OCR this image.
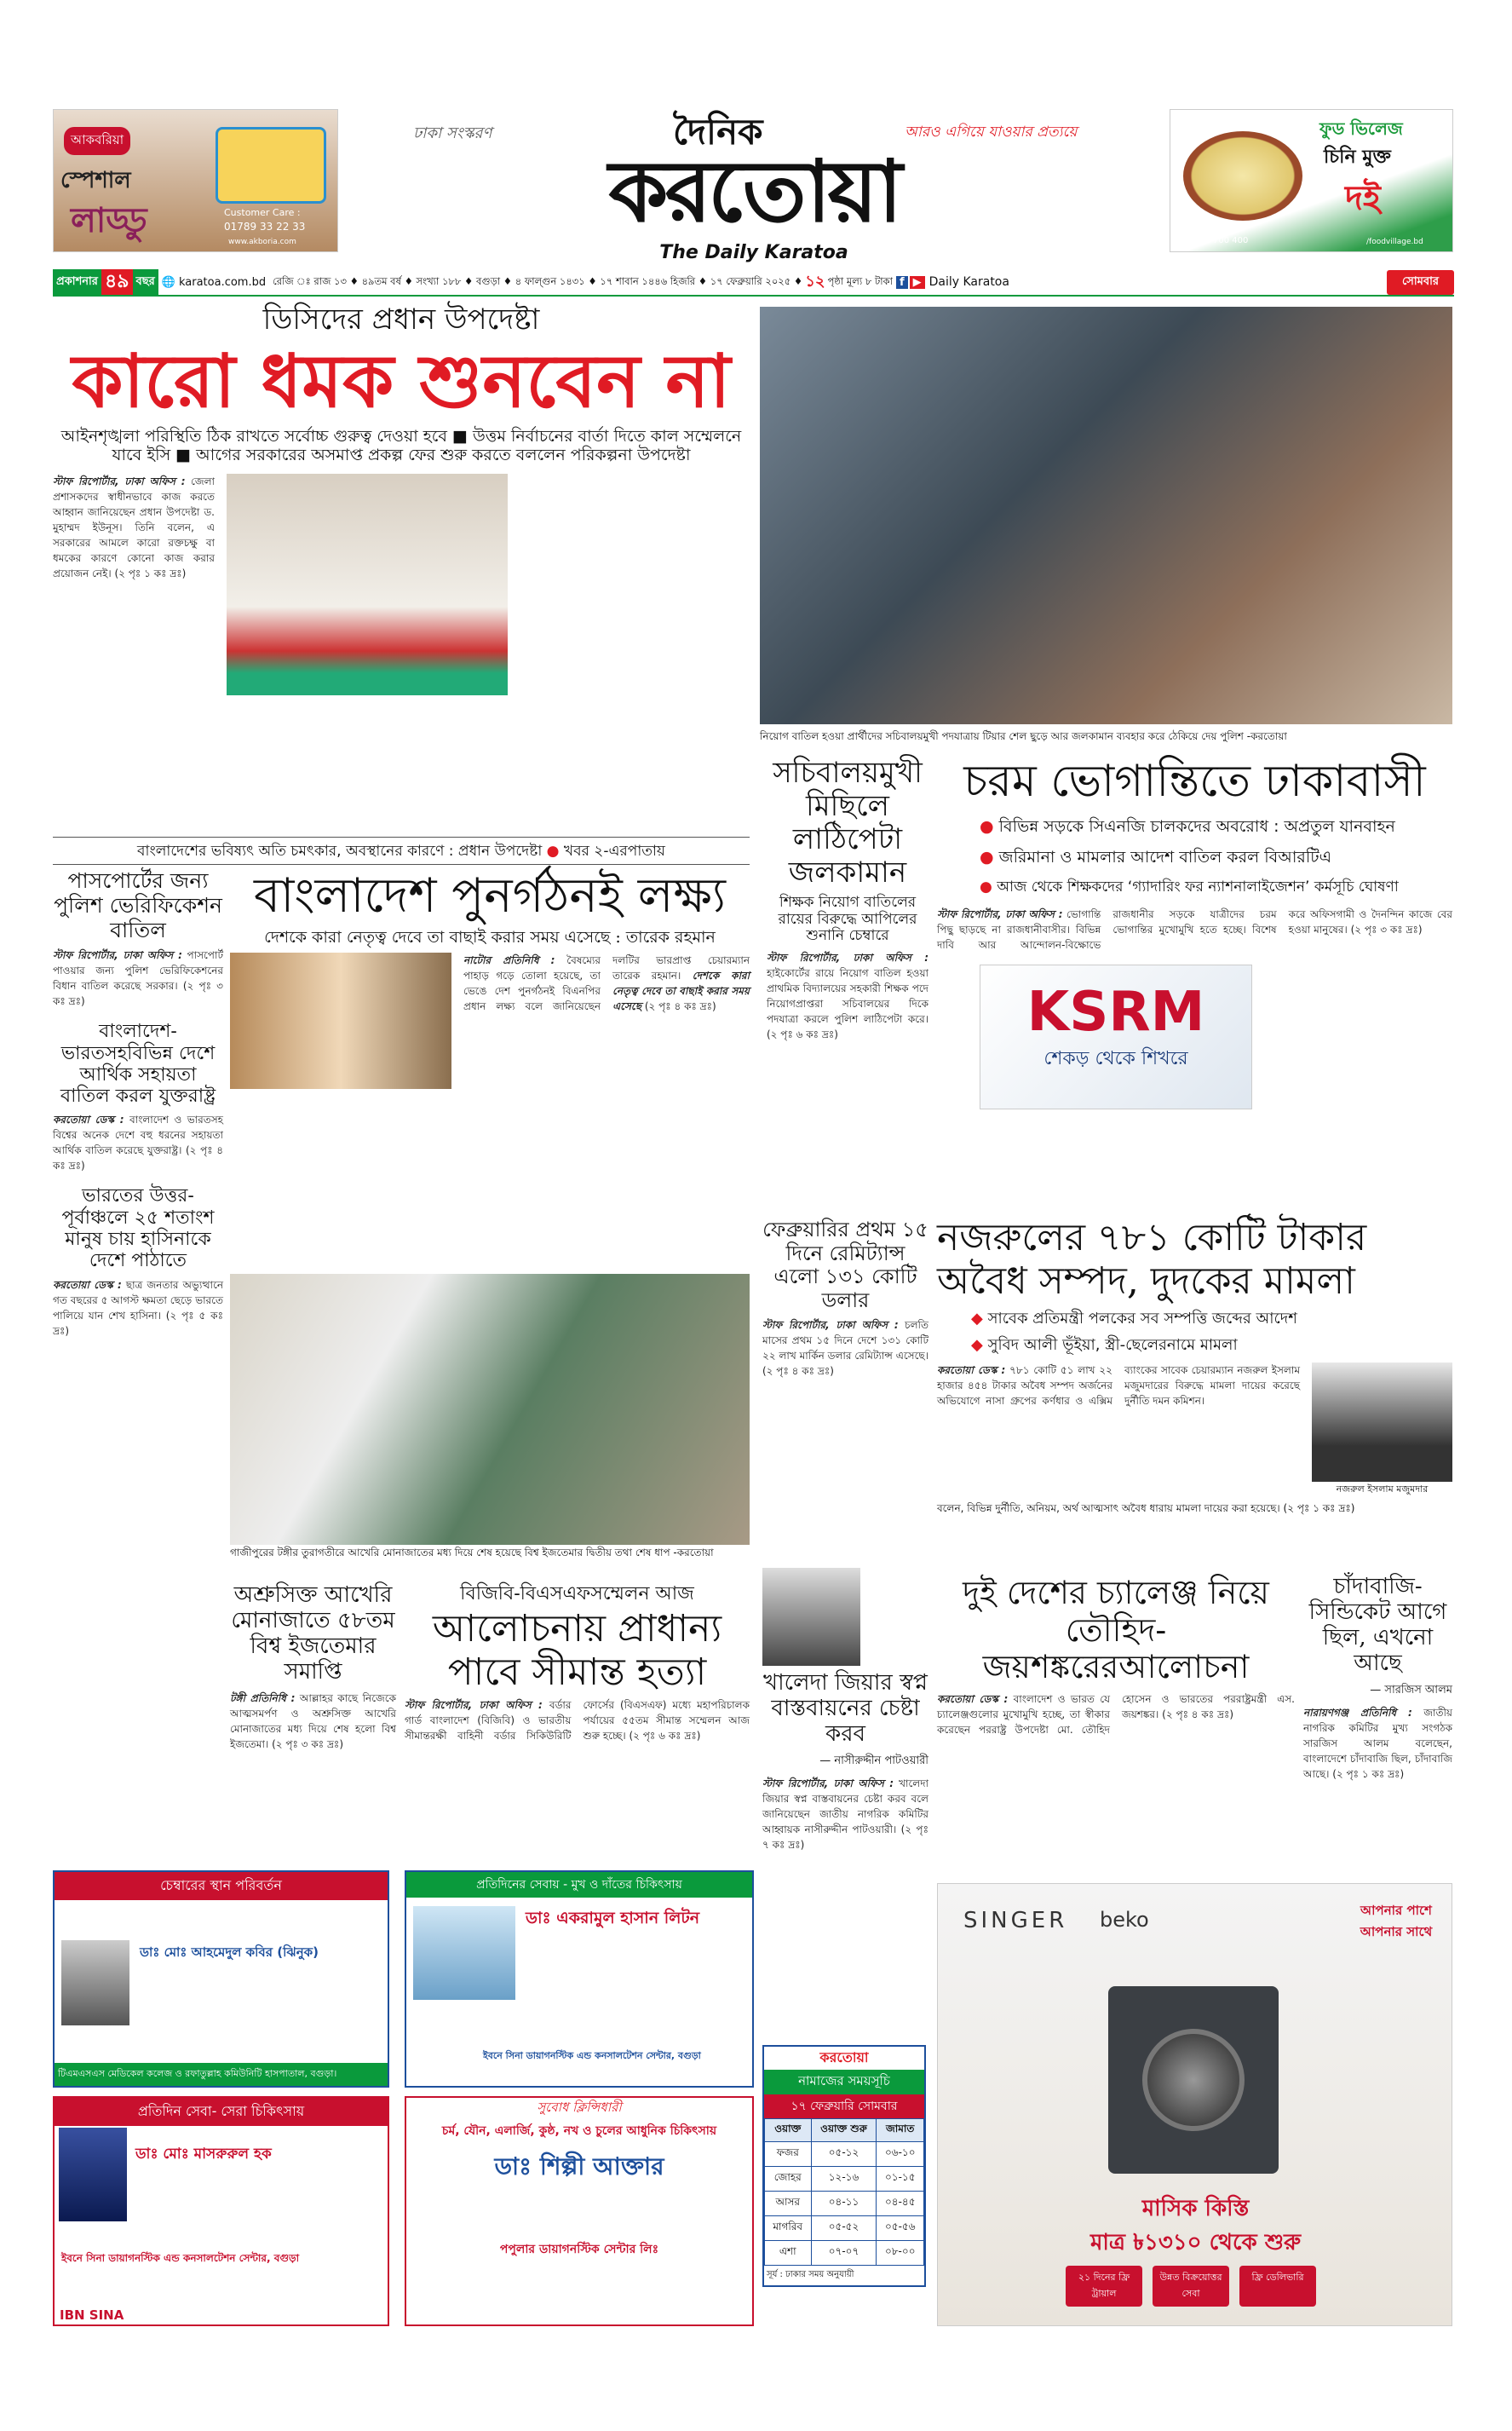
আকবরিয়া
স্পেশাল
লাড্ডু	Customer Care :
01789 33 22 33
www.akboria.com
ঢাকা সংস্করণ	দৈনিক	আরও এগিয়ে যাওয়ার প্রত্যয়ে
করতোয়া
The Daily Karatoa
ফুড ভিলেজ
চিনি মুক্ত
দই
Customer Care
01770 700 400	/foodvillage.bd
প্রকাশনার ৪৯ বছর 🌐 karatoa.com.bd রেজি ঃ রাজ ১৩ ♦ ৪৯তম বর্ষ ♦ সংখ্যা ১৮৮ ♦ বগুড়া ♦ ৪ ফাল্গুন ১৪৩১ ♦ ১৭ শাবান ১৪৪৬ হিজরি ♦ ১৭ ফেব্রুয়ারি ২০২৫ ♦ ১২ পৃষ্ঠা মূল্য ৮ টাকা f ▶ Daily Karatoa	সোমবার
ডিসিদের প্রধান উপদেষ্টা
কারো ধমক শুনবেন না
আইনশৃঙ্খলা পরিস্থিতি ঠিক রাখতে সর্বোচ্চ গুরুত্ব দেওয়া হবে ■ উত্তম নির্বাচনের বার্তা দিতে কাল সম্মেলনে যাবে ইসি ■ আগের সরকারের অসমাপ্ত প্রকল্প ফের শুরু করতে বললেন পরিকল্পনা উপদেষ্টা
স্টাফ রিপোর্টার, ঢাকা অফিস : জেলা প্রশাসকদের স্বাধীনভাবে কাজ করতে আহ্বান জানিয়েছেন প্রধান উপদেষ্টা ড. মুহাম্মদ ইউনূস। তিনি বলেন, এ সরকারের আমলে কারো রক্তচক্ষু বা ধমকের কারণে কোনো কাজ করার প্রয়োজন নেই। (২ পৃঃ ১ কঃ দ্রঃ)
নিয়োগ বাতিল হওয়া প্রার্থীদের সচিবালয়মুখী পদযাত্রায় টিয়ার শেল ছুড়ে আর জলকামান ব্যবহার করে ঠেকিয়ে দেয় পুলিশ -করতোয়া
বাংলাদেশের ভবিষ্যৎ অতি চমৎকার, অবস্থানের কারণে : প্রধান উপদেষ্টা ● খবর ২-এরপাতায়
সচিবালয়মুখী মিছিলে লাঠিপেটা জলকামান
শিক্ষক নিয়োগ বাতিলের রায়ের বিরুদ্ধে আপিলের শুনানি চেম্বারে
স্টাফ রিপোর্টার, ঢাকা অফিস : হাইকোর্টের রায়ে নিয়োগ বাতিল হওয়া প্রাথমিক বিদ্যালয়ের সহকারী শিক্ষক পদে নিয়োগপ্রাপ্তরা সচিবালয়ের দিকে পদযাত্রা করলে পুলিশ লাঠিপেটা করে। (২ পৃঃ ৬ কঃ দ্রঃ)
চরম ভোগান্তিতে ঢাকাবাসী
● বিভিন্ন সড়কে সিএনজি চালকদের অবরোধ : অপ্রতুল যানবাহন
● জরিমানা ও মামলার আদেশ বাতিল করল বিআরটিএ
● আজ থেকে শিক্ষকদের ‘গ্যাদারিং ফর ন্যাশনালাইজেশন’ কর্মসূচি ঘোষণা
স্টাফ রিপোর্টার, ঢাকা অফিস : ভোগান্তি পিছু ছাড়ছে না রাজধানীবাসীর। বিভিন্ন দাবি আর আন্দোলন-বিক্ষোভে রাজধানীর সড়কে যাত্রীদের চরম ভোগান্তির মুখোমুখি হতে হচ্ছে। বিশেষ করে অফিসগামী ও দৈনন্দিন কাজে বের হওয়া মানুষের। (২ পৃঃ ৩ কঃ দ্রঃ)
KSRM
শেকড় থেকে শিখরে
পাসপোর্টের জন্য পুলিশ ভেরিফিকেশন বাতিল
স্টাফ রিপোর্টার, ঢাকা অফিস : পাসপোর্ট পাওয়ার জন্য পুলিশ ভেরিফিকেশনের বিধান বাতিল করেছে সরকার। (২ পৃঃ ৩ কঃ দ্রঃ)
বাংলাদেশ-ভারতসহবিভিন্ন দেশে আর্থিক সহায়তা বাতিল করল যুক্তরাষ্ট্র
করতোয়া ডেস্ক : বাংলাদেশ ও ভারতসহ বিশ্বের অনেক দেশে বহু ধরনের সহায়তা আর্থিক বাতিল করেছে যুক্তরাষ্ট্র। (২ পৃঃ ৪ কঃ দ্রঃ)
ভারতের উত্তর-পূর্বাঞ্চলে ২৫ শতাংশ মানুষ চায় হাসিনাকে দেশে পাঠাতে
করতোয়া ডেস্ক : ছাত্র জনতার অভ্যুত্থানে গত বছরের ৫ আগস্ট ক্ষমতা ছেড়ে ভারতে পালিয়ে যান শেখ হাসিনা। (২ পৃঃ ৫ কঃ দ্রঃ)
বাংলাদেশ পুনর্গঠনই লক্ষ্য
দেশকে কারা নেতৃত্ব দেবে তা বাছাই করার সময় এসেছে : তারেক রহমান
নাটোর প্রতিনিধি : বৈষম্যের পাহাড় গড়ে তোলা হয়েছে, তা ভেঙে দেশ পুনর্গঠনই বিএনপির প্রধান লক্ষ্য বলে জানিয়েছেন দলটির ভারপ্রাপ্ত চেয়ারম্যান তারেক রহমান। দেশকে কারা নেতৃত্ব দেবে তা বাছাই করার সময় এসেছে (২ পৃঃ ৪ কঃ দ্রঃ)
গাজীপুরের টঙ্গীর তুরাগতীরে আখেরি মোনাজাতের মধ্য দিয়ে শেষ হয়েছে বিশ্ব ইজতেমার দ্বিতীয় তথা শেষ ধাপ -করতোয়া
ফেব্রুয়ারির প্রথম ১৫ দিনে রেমিট্যান্স এলো ১৩১ কোটি ডলার
স্টাফ রিপোর্টার, ঢাকা অফিস : চলতি মাসের প্রথম ১৫ দিনে দেশে ১৩১ কোটি ২২ লাখ মার্কিন ডলার রেমিট্যান্স এসেছে। (২ পৃঃ ৪ কঃ দ্রঃ)
নজরুলের ৭৮১ কোটি টাকার অবৈধ সম্পদ, দুদকের মামলা
◆ সাবেক প্রতিমন্ত্রী পলকের সব সম্পত্তি জব্দের আদেশ
◆ সুবিদ আলী ভূঁইয়া, স্ত্রী-ছেলেরনামে মামলা
করতোয়া ডেস্ক : ৭৮১ কোটি ৫১ লাখ ২২ হাজার ৪৫৪ টাকার অবৈধ সম্পদ অর্জনের অভিযোগে নাসা গ্রুপের কর্ণধার ও এক্সিম ব্যাংকের সাবেক চেয়ারম্যান নজরুল ইসলাম মজুমদারের বিরুদ্ধে মামলা দায়ের করেছে দুর্নীতি দমন কমিশন।
নজরুল ইসলাম মজুমদার
বলেন, বিভিন্ন দুর্নীতি, অনিয়ম, অর্থ আত্মসাৎ অবৈধ ধারায় মামলা দায়ের করা হয়েছে। (২ পৃঃ ১ কঃ দ্রঃ)
অশ্রুসিক্ত আখেরি মোনাজাতে ৫৮তম বিশ্ব ইজতেমার সমাপ্তি
টঙ্গী প্রতিনিধি : আল্লাহর কাছে নিজেকে আত্মসমর্পণ ও অশ্রুসিক্ত আখেরি মোনাজাতের মধ্য দিয়ে শেষ হলো বিশ্ব ইজতেমা। (২ পৃঃ ৩ কঃ দ্রঃ)
বিজিবি-বিএসএফসম্মেলন আজ
আলোচনায় প্রাধান্য পাবে সীমান্ত হত্যা
স্টাফ রিপোর্টার, ঢাকা অফিস : বর্ডার গার্ড বাংলাদেশ (বিজিবি) ও ভারতীয় সীমান্তরক্ষী বাহিনী বর্ডার সিকিউরিটি ফোর্সের (বিএসএফ) মধ্যে মহাপরিচালক পর্যায়ের ৫৫তম সীমান্ত সম্মেলন আজ শুরু হচ্ছে। (২ পৃঃ ৬ কঃ দ্রঃ)
খালেদা জিয়ার স্বপ্ন বাস্তবায়নের চেষ্টা করব
— নাসীরুদ্দীন পাটওয়ারী
স্টাফ রিপোর্টার, ঢাকা অফিস : খালেদা জিয়ার স্বপ্ন বাস্তবায়নের চেষ্টা করব বলে জানিয়েছেন জাতীয় নাগরিক কমিটির আহ্বায়ক নাসীরুদ্দীন পাটওয়ারী। (২ পৃঃ ৭ কঃ দ্রঃ)
দুই দেশের চ্যালেঞ্জ নিয়ে তৌহিদ-জয়শঙ্করেরআলোচনা
করতোয়া ডেস্ক : বাংলাদেশ ও ভারত যে চ্যালেঞ্জগুলোর মুখোমুখি হচ্ছে, তা স্বীকার করেছেন পররাষ্ট্র উপদেষ্টা মো. তৌহিদ হোসেন ও ভারতের পররাষ্ট্রমন্ত্রী এস. জয়শঙ্কর। (২ পৃঃ ৪ কঃ দ্রঃ)
চাঁদাবাজি-সিন্ডিকেট আগে ছিল, এখনো আছে
— সারজিস আলম
নারায়ণগঞ্জ প্রতিনিধি : জাতীয় নাগরিক কমিটির মুখ্য সংগঠক সারজিস আলম বলেছেন, বাংলাদেশে চাঁদাবাজি ছিল, চাঁদাবাজি আছে। (২ পৃঃ ১ কঃ দ্রঃ)
চেম্বারের স্থান পরিবর্তন
ডাঃ মোঃ আহমেদুল কবির (ঝিনুক)
টিএমএসএস মেডিকেল কলেজ ও রফাতুল্লাহ কমিউনিটি হাসপাতাল, বগুড়া।
প্রতিদিনের সেবায় - মুখ ও দাঁতের চিকিৎসায়
ডাঃ একরামুল হাসান লিটন
ইবনে সিনা ডায়াগনস্টিক এন্ড কনসালটেশন সেন্টার, বগুড়া
প্রতিদিন সেবা- সেরা চিকিৎসায়
ডাঃ মোঃ মাসরুরুল হক
ইবনে সিনা ডায়াগনস্টিক এন্ড কনসালটেশন সেন্টার, বগুড়া
IBN SINA
সুবোধ ক্লিন্সিধারী
চর্ম, যৌন, এলার্জি, কুষ্ঠ, নখ ও চুলের আধুনিক চিকিৎসায়
ডাঃ শিল্পী আক্তার
পপুলার ডায়াগনস্টিক সেন্টার লিঃ
করতোয়া
নামাজের সময়সূচি
১৭ ফেব্রুয়ারি সোমবার
ওয়াক্ত	ওয়াক্ত শুরু	জামাত
ফজর	০৫-১২	০৬-১০
জোহর	১২-১৬	০১-১৫
আসর	০৪-১১	০৪-৪৫
মাগরিব	০৫-৫২	০৫-৫৬
এশা	০৭-০৭	০৮-০০
সূর্য : ঢাকার সময় অনুযায়ী
SINGER beko	আপনার পাশে আপনার সাথে
মাসিক কিস্তি
মাত্র ৳১৩১০ থেকে শুরু
২১ দিনের ফ্রি ট্রায়াল
উন্নত বিক্রয়োত্তর সেবা
ফ্রি ডেলিভারি
